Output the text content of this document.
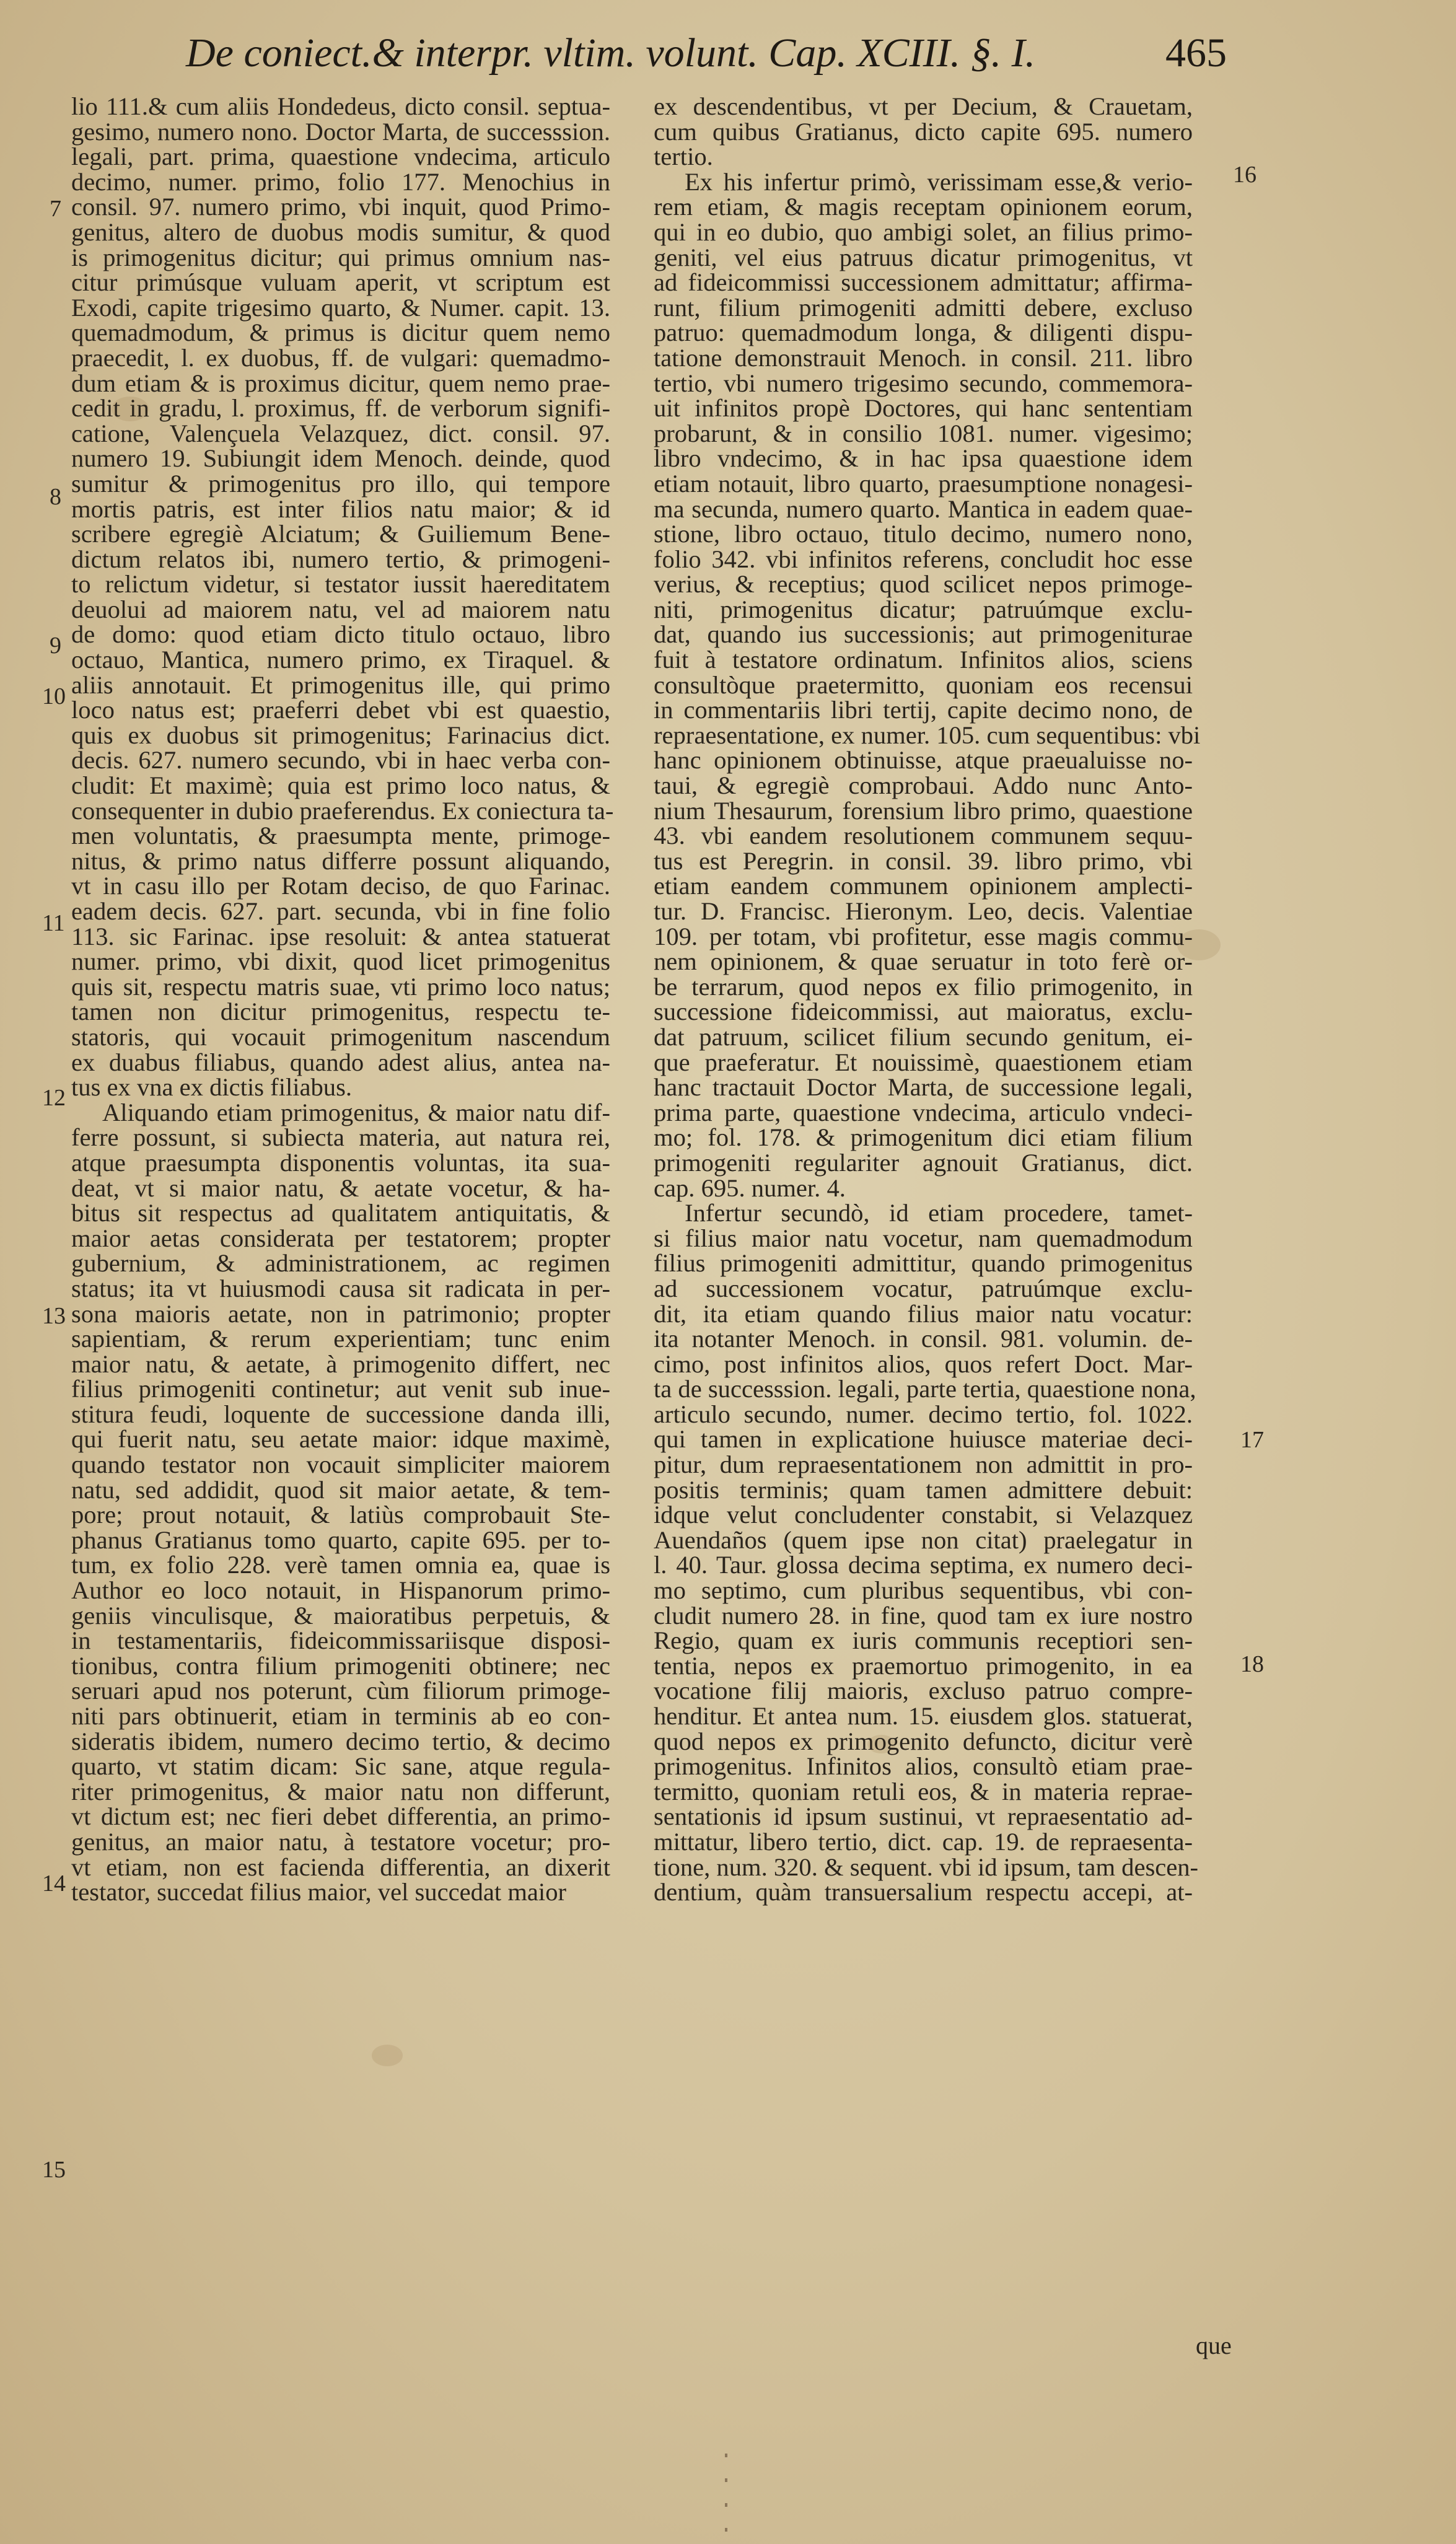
De coniect.& interpr. vltim. volunt. Cap. XCIII. §. I.	465
lio 111.& cum aliis Hondedeus, dicto consil. septua-
gesimo, numero nono. Doctor Marta, de successsion.
legali, part. prima, quaestione vndecima, articulo
decimo, numer. primo, folio 177. Menochius in
consil. 97. numero primo, vbi inquit, quod Primo-
genitus, altero de duobus modis sumitur, & quod
is primogenitus dicitur; qui primus omnium nas-
citur primúsque vuluam aperit, vt scriptum est
Exodi, capite trigesimo quarto, & Numer. capit. 13.
quemadmodum, & primus is dicitur quem nemo
praecedit, l. ex duobus, ff. de vulgari: quemadmo-
dum etiam & is proximus dicitur, quem nemo prae-
cedit in gradu, l. proximus, ff. de verborum signifi-
catione, Valençuela Velazquez, dict. consil. 97.
numero 19. Subiungit idem Menoch. deinde, quod
sumitur & primogenitus pro illo, qui tempore
mortis patris, est inter filios natu maior; & id
scribere egregiè Alciatum; & Guiliemum Bene-
dictum relatos ibi, numero tertio, & primogeni-
to relictum videtur, si testator iussit haereditatem
deuolui ad maiorem natu, vel ad maiorem natu
de domo: quod etiam dicto titulo octauo, libro
octauo, Mantica, numero primo, ex Tiraquel. &
aliis annotauit. Et primogenitus ille, qui primo
loco natus est; praeferri debet vbi est quaestio,
quis ex duobus sit primogenitus; Farinacius dict.
decis. 627. numero secundo, vbi in haec verba con-
cludit: Et maximè; quia est primo loco natus, &
consequenter in dubio praeferendus. Ex coniectura ta-
men voluntatis, & praesumpta mente, primoge-
nitus, & primo natus differre possunt aliquando,
vt in casu illo per Rotam deciso, de quo Farinac.
eadem decis. 627. part. secunda, vbi in fine folio
113. sic Farinac. ipse resoluit: & antea statuerat
numer. primo, vbi dixit, quod licet primogenitus
quis sit, respectu matris suae, vti primo loco natus;
tamen non dicitur primogenitus, respectu te-
statoris, qui vocauit primogenitum nascendum
ex duabus filiabus, quando adest alius, antea na-
tus ex vna ex dictis filiabus.
Aliquando etiam primogenitus, & maior natu dif-
ferre possunt, si subiecta materia, aut natura rei,
atque praesumpta disponentis voluntas, ita sua-
deat, vt si maior natu, & aetate vocetur, & ha-
bitus sit respectus ad qualitatem antiquitatis, &
maior aetas considerata per testatorem; propter
gubernium, & administrationem, ac regimen
status; ita vt huiusmodi causa sit radicata in per-
sona maioris aetate, non in patrimonio; propter
sapientiam, & rerum experientiam; tunc enim
maior natu, & aetate, à primogenito differt, nec
filius primogeniti continetur; aut venit sub inue-
stitura feudi, loquente de successione danda illi,
qui fuerit natu, seu aetate maior: idque maximè,
quando testator non vocauit simpliciter maiorem
natu, sed addidit, quod sit maior aetate, & tem-
pore; prout notauit, & latiùs comprobauit Ste-
phanus Gratianus tomo quarto, capite 695. per to-
tum, ex folio 228. verè tamen omnia ea, quae is
Author eo loco notauit, in Hispanorum primo-
geniis vinculisque, & maioratibus perpetuis, &
in testamentariis, fideicommissariisque disposi-
tionibus, contra filium primogeniti obtinere; nec
seruari apud nos poterunt, cùm filiorum primoge-
niti pars obtinuerit, etiam in terminis ab eo con-
sideratis ibidem, numero decimo tertio, & decimo
quarto, vt statim dicam: Sic sane, atque regula-
riter primogenitus, & maior natu non differunt,
vt dictum est; nec fieri debet differentia, an primo-
genitus, an maior natu, à testatore vocetur; pro-
vt etiam, non est facienda differentia, an dixerit
testator, succedat filius maior, vel succedat maior
ex descendentibus, vt per Decium, & Crauetam,
cum quibus Gratianus, dicto capite 695. numero
tertio.
Ex his infertur primò, verissimam esse,& verio-
rem etiam, & magis receptam opinionem eorum,
qui in eo dubio, quo ambigi solet, an filius primo-
geniti, vel eius patruus dicatur primogenitus, vt
ad fideicommissi successionem admittatur; affirma-
runt, filium primogeniti admitti debere, excluso
patruo: quemadmodum longa, & diligenti dispu-
tatione demonstrauit Menoch. in consil. 211. libro
tertio, vbi numero trigesimo secundo, commemora-
uit infinitos propè Doctores, qui hanc sententiam
probarunt, & in consilio 1081. numer. vigesimo;
libro vndecimo, & in hac ipsa quaestione idem
etiam notauit, libro quarto, praesumptione nonagesi-
ma secunda, numero quarto. Mantica in eadem quae-
stione, libro octauo, titulo decimo, numero nono,
folio 342. vbi infinitos referens, concludit hoc esse
verius, & receptius; quod scilicet nepos primoge-
niti, primogenitus dicatur; patruúmque exclu-
dat, quando ius successionis; aut primogeniturae
fuit à testatore ordinatum. Infinitos alios, sciens
consultòque praetermitto, quoniam eos recensui
in commentariis libri tertij, capite decimo nono, de
repraesentatione, ex numer. 105. cum sequentibus: vbi
hanc opinionem obtinuisse, atque praeualuisse no-
taui, & egregiè comprobaui. Addo nunc Anto-
nium Thesaurum, forensium libro primo, quaestione
43. vbi eandem resolutionem communem sequu-
tus est Peregrin. in consil. 39. libro primo, vbi
etiam eandem communem opinionem amplecti-
tur. D. Francisc. Hieronym. Leo, decis. Valentiae
109. per totam, vbi profitetur, esse magis commu-
nem opinionem, & quae seruatur in toto ferè or-
be terrarum, quod nepos ex filio primogenito, in
successione fideicommissi, aut maioratus, exclu-
dat patruum, scilicet filium secundo genitum, ei-
que praeferatur. Et nouissimè, quaestionem etiam
hanc tractauit Doctor Marta, de successione legali,
prima parte, quaestione vndecima, articulo vndeci-
mo; fol. 178. & primogenitum dici etiam filium
primogeniti regulariter agnouit Gratianus, dict.
cap. 695. numer. 4.
Infertur secundò, id etiam procedere, tamet-
si filius maior natu vocetur, nam quemadmodum
filius primogeniti admittitur, quando primogenitus
ad successionem vocatur, patruúmque exclu-
dit, ita etiam quando filius maior natu vocatur:
ita notanter Menoch. in consil. 981. volumin. de-
cimo, post infinitos alios, quos refert Doct. Mar-
ta de successsion. legali, parte tertia, quaestione nona,
articulo secundo, numer. decimo tertio, fol. 1022.
qui tamen in explicatione huiusce materiae deci-
pitur, dum repraesentationem non admittit in pro-
positis terminis; quam tamen admittere debuit:
idque velut concludenter constabit, si Velazquez
Auendaños (quem ipse non citat) praelegatur in
l. 40. Taur. glossa decima septima, ex numero deci-
mo septimo, cum pluribus sequentibus, vbi con-
cludit numero 28. in fine, quod tam ex iure nostro
Regio, quam ex iuris communis receptiori sen-
tentia, nepos ex praemortuo primogenito, in ea
vocatione filij maioris, excluso patruo compre-
henditur. Et antea num. 15. eiusdem glos. statuerat,
quod nepos ex primogenito defuncto, dicitur verè
primogenitus. Infinitos alios, consultò etiam prae-
termitto, quoniam retuli eos, & in materia reprae-
sentationis id ipsum sustinui, vt repraesentatio ad-
mittatur, libero tertio, dict. cap. 19. de repraesenta-
tione, num. 320. & sequent. vbi id ipsum, tam descen-
dentium, quàm transuersalium respectu accepi, at-
7
8
9
10
11
12
13
14
15
16
17
18
que
